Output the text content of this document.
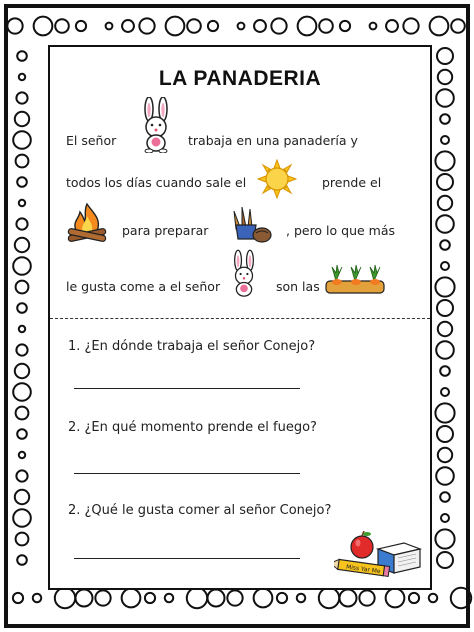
LA PANADERIA
El señor	trabaja en una panadería y
todos los días cuando sale el	prende el
para preparar	, pero lo que más
le gusta come a el señor	son las
1. ¿En dónde trabaja el señor Conejo?
2. ¿En qué momento prende el fuego?
2. ¿Qué le gusta comer al señor Conejo?
Miss Yar Me
